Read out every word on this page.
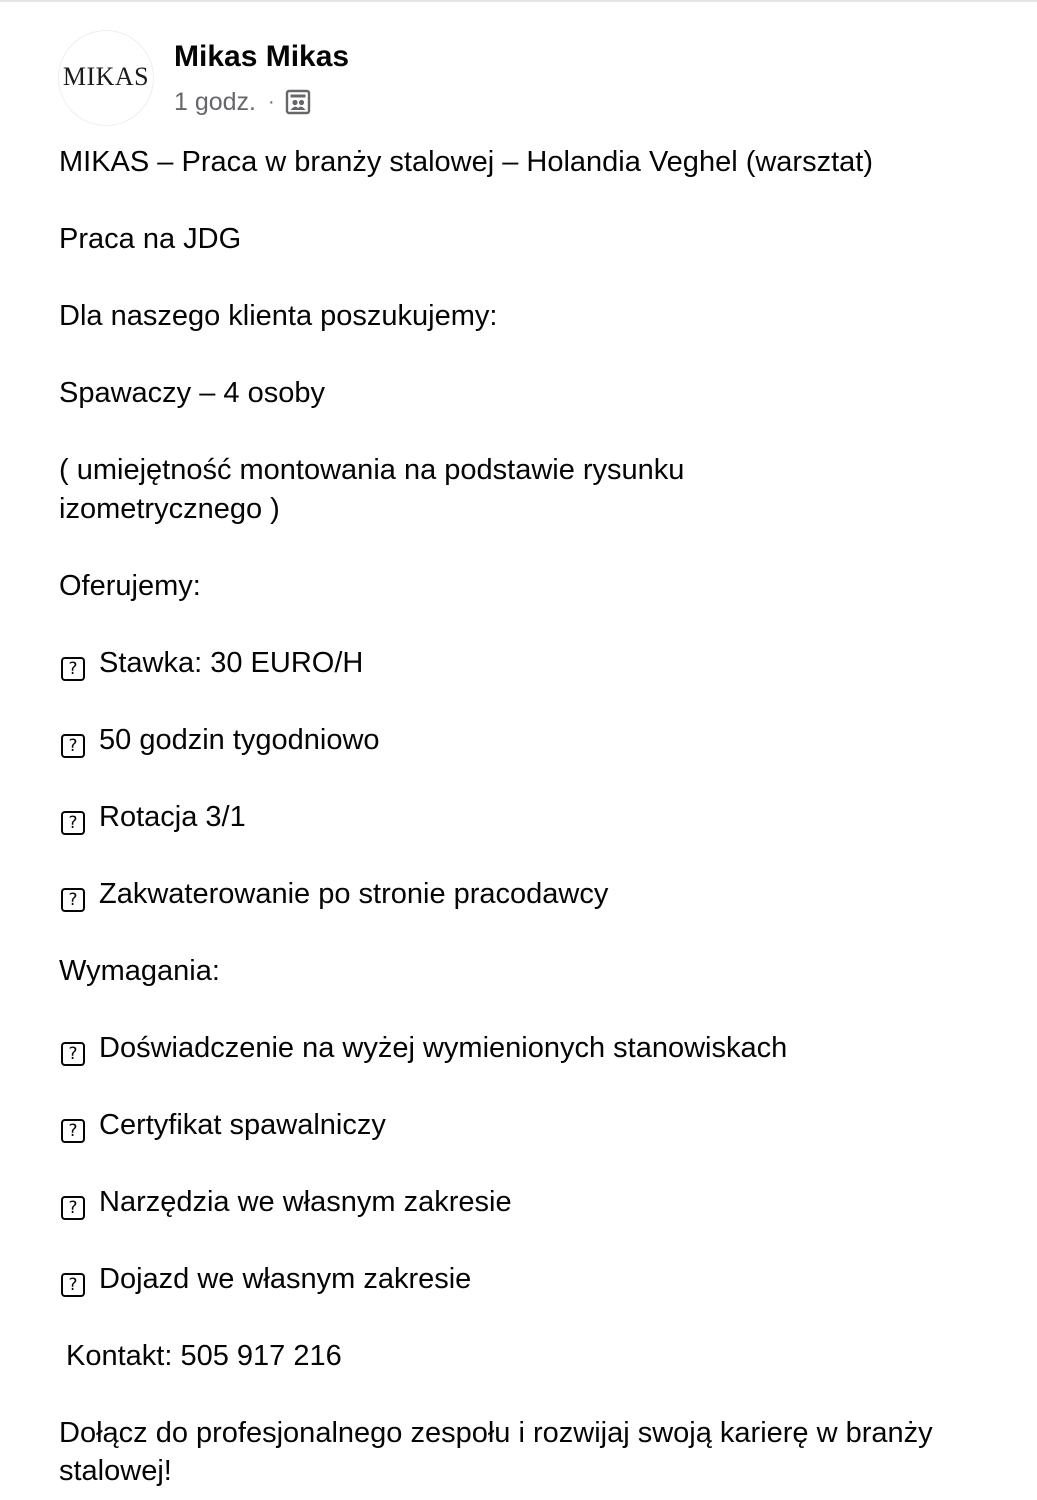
MIKAS
Mikas Mikas
1 godz. ·

MIKAS – Praca w branży stalowej – Holandia Veghel (warsztat)

Praca na JDG

Dla naszego klienta poszukujemy:

Spawaczy – 4 osoby

( umiejętność montowania na podstawie rysunku izometrycznego )

Oferujemy:

? Stawka: 30 EURO/H

? 50 godzin tygodniowo

? Rotacja 3/1

? Zakwaterowanie po stronie pracodawcy

Wymagania:

? Doświadczenie na wyżej wymienionych stanowiskach

? Certyfikat spawalniczy

? Narzędzia we własnym zakresie

? Dojazd we własnym zakresie

Kontakt: 505 917 216

Dołącz do profesjonalnego zespołu i rozwijaj swoją karierę w branży stalowej!
